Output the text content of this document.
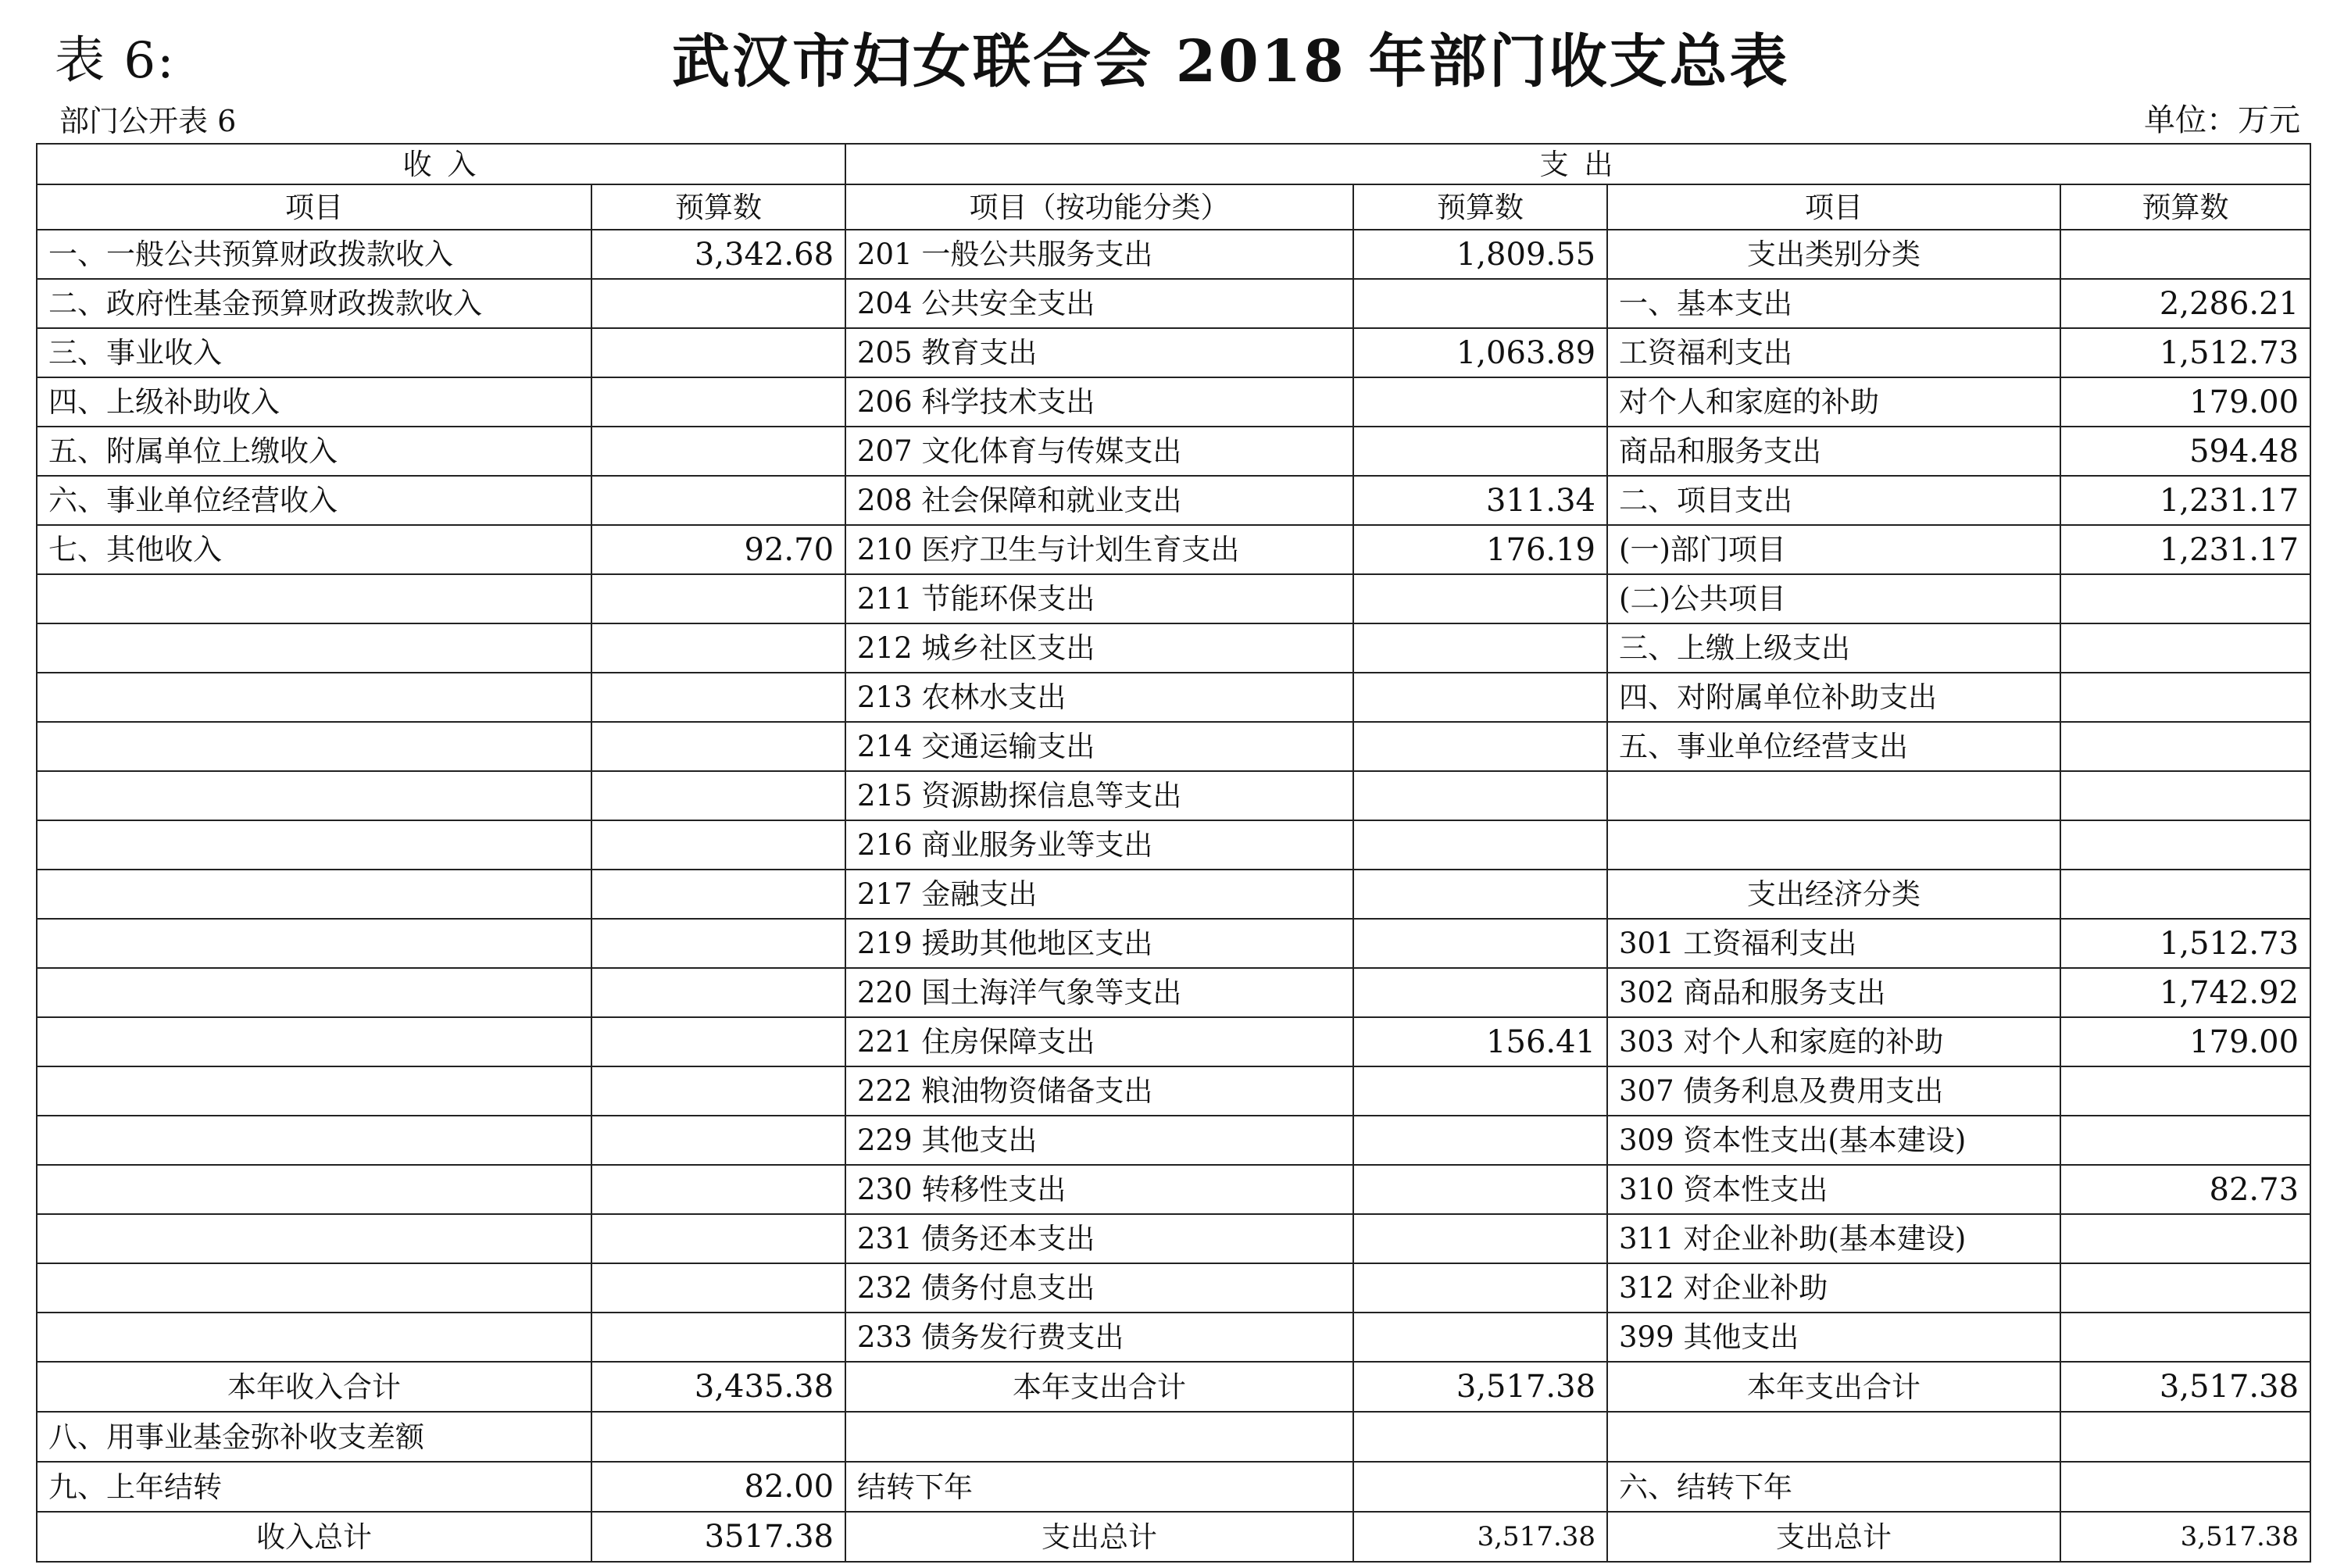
表 6:	武汉市妇女联合会 2018 年部门收支总表
部门公开表 6	单位：万元
收 入		支 出			
项目	预算数	项目（按功能分类）	预算数	项目	预算数
一、一般公共预算财政拨款收入	3,342.68	201 一般公共服务支出	1,809.55	支出类别分类	
二、政府性基金预算财政拨款收入		204 公共安全支出		一、基本支出	2,286.21
三、事业收入		205 教育支出	1,063.89	工资福利支出	1,512.73
四、上级补助收入		206 科学技术支出		对个人和家庭的补助	179.00
五、附属单位上缴收入		207 文化体育与传媒支出		商品和服务支出	594.48
六、事业单位经营收入		208 社会保障和就业支出	311.34	二、项目支出	1,231.17
七、其他收入	92.70	210 医疗卫生与计划生育支出	176.19	(一)部门项目	1,231.17
		211 节能环保支出		(二)公共项目	
		212 城乡社区支出		三、上缴上级支出	
		213 农林水支出		四、对附属单位补助支出	
		214 交通运输支出		五、事业单位经营支出	
		215 资源勘探信息等支出			
		216 商业服务业等支出			
		217 金融支出		支出经济分类	
		219 援助其他地区支出		301 工资福利支出	1,512.73
		220 国土海洋气象等支出		302 商品和服务支出	1,742.92
		221 住房保障支出	156.41	303 对个人和家庭的补助	179.00
		222 粮油物资储备支出		307 债务利息及费用支出	
		229 其他支出		309 资本性支出(基本建设)	
		230 转移性支出		310 资本性支出	82.73
		231 债务还本支出		311 对企业补助(基本建设)	
		232 债务付息支出		312 对企业补助	
		233 债务发行费支出		399 其他支出	
本年收入合计	3,435.38	本年支出合计	3,517.38	本年支出合计	3,517.38
八、用事业基金弥补收支差额					
九、上年结转	82.00	结转下年		六、结转下年	
收入总计	3517.38	支出总计	3,517.38	支出总计	3,517.38
